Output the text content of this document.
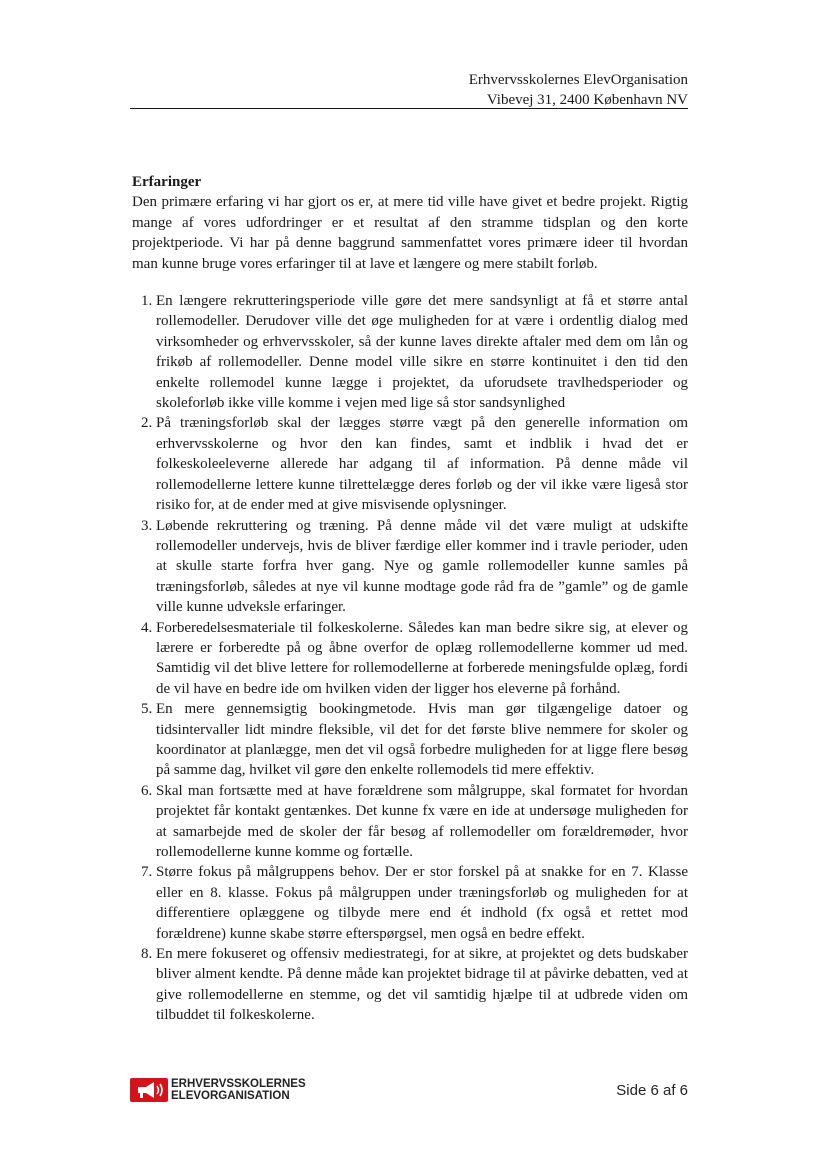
Erhvervsskolernes ElevOrganisation
Vibevej 31, 2400 København NV

Erfaringer

Den primære erfaring vi har gjort os er, at mere tid ville have givet et bedre projekt. Rigtig mange af vores udfordringer er et resultat af den stramme tidsplan og den korte projektperiode. Vi har på denne baggrund sammenfattet vores primære ideer til hvordan man kunne bruge vores erfaringer til at lave et længere og mere stabilt forløb.

1. En længere rekrutteringsperiode ville gøre det mere sandsynligt at få et større antal rollemodeller. Derudover ville det øge muligheden for at være i ordentlig dialog med virksomheder og erhvervsskoler, så der kunne laves direkte aftaler med dem om lån og frikøb af rollemodeller. Denne model ville sikre en større kontinuitet i den tid den enkelte rollemodel kunne lægge i projektet, da uforudsete travlhedsperioder og skoleforløb ikke ville komme i vejen med lige så stor sandsynlighed
2. På træningsforløb skal der lægges større vægt på den generelle information om erhvervsskolerne og hvor den kan findes, samt et indblik i hvad det er folkeskoleeleverne allerede har adgang til af information. På denne måde vil rollemodellerne lettere kunne tilrettelægge deres forløb og der vil ikke være ligeså stor risiko for, at de ender med at give misvisende oplysninger.
3. Løbende rekruttering og træning. På denne måde vil det være muligt at udskifte rollemodeller undervejs, hvis de bliver færdige eller kommer ind i travle perioder, uden at skulle starte forfra hver gang. Nye og gamle rollemodeller kunne samles på træningsforløb, således at nye vil kunne modtage gode råd fra de ”gamle” og de gamle ville kunne udveksle erfaringer.
4. Forberedelsesmateriale til folkeskolerne. Således kan man bedre sikre sig, at elever og lærere er forberedte på og åbne overfor de oplæg rollemodellerne kommer ud med. Samtidig vil det blive lettere for rollemodellerne at forberede meningsfulde oplæg, fordi de vil have en bedre ide om hvilken viden der ligger hos eleverne på forhånd.
5. En mere gennemsigtig bookingmetode. Hvis man gør tilgængelige datoer og tidsintervaller lidt mindre fleksible, vil det for det første blive nemmere for skoler og koordinator at planlægge, men det vil også forbedre muligheden for at ligge flere besøg på samme dag, hvilket vil gøre den enkelte rollemodels tid mere effektiv.
6. Skal man fortsætte med at have forældrene som målgruppe, skal formatet for hvordan projektet får kontakt gentænkes. Det kunne fx være en ide at undersøge muligheden for at samarbejde med de skoler der får besøg af rollemodeller om forældremøder, hvor rollemodellerne kunne komme og fortælle.
7. Større fokus på målgruppens behov. Der er stor forskel på at snakke for en 7. Klasse eller en 8. klasse. Fokus på målgruppen under træningsforløb og muligheden for at differentiere oplæggene og tilbyde mere end ét indhold (fx også et rettet mod forældrene) kunne skabe større efterspørgsel, men også en bedre effekt.
8. En mere fokuseret og offensiv mediestrategi, for at sikre, at projektet og dets budskaber bliver alment kendte. På denne måde kan projektet bidrage til at påvirke debatten, ved at give rollemodellerne en stemme, og det vil samtidig hjælpe til at udbrede viden om tilbuddet til folkeskolerne.
ERHVERVSSKOLERNES
ELEVORGANISATION	Side 6 af 6
